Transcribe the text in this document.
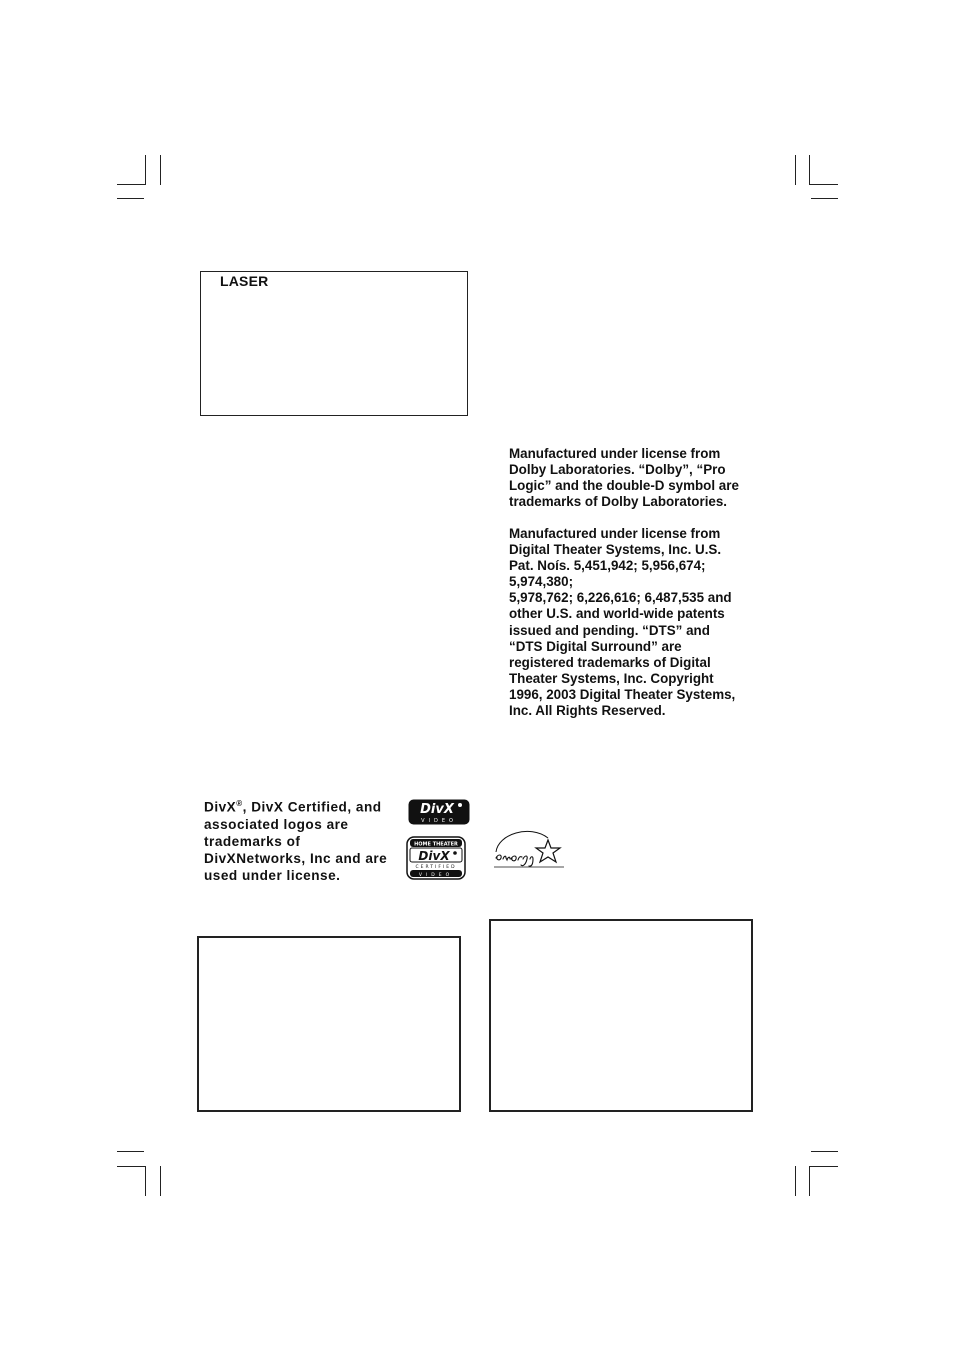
LASER

Manufactured under license from

Dolby Laboratories. “Dolby”, “Pro

Logic” and the double-D symbol are

trademarks of Dolby Laboratories.

Manufactured under license from

Digital Theater Systems, Inc. U.S.

Pat. Noís. 5,451,942; 5,956,674;

5,974,380;

5,978,762; 6,226,616; 6,487,535 and

other U.S. and world-wide patents

issued and pending. “DTS” and

“DTS Digital Surround” are

registered trademarks of Digital

Theater Systems, Inc. Copyright

1996, 2003 Digital Theater Systems,

Inc. All Rights Reserved.

DivX®, DivX Certified, and
associated logos are
trademarks of
DivXNetworks, Inc and are
used under license.
DivX
VIDEO
HOME THEATER
DivX
CERTIFIED
VIDEO
